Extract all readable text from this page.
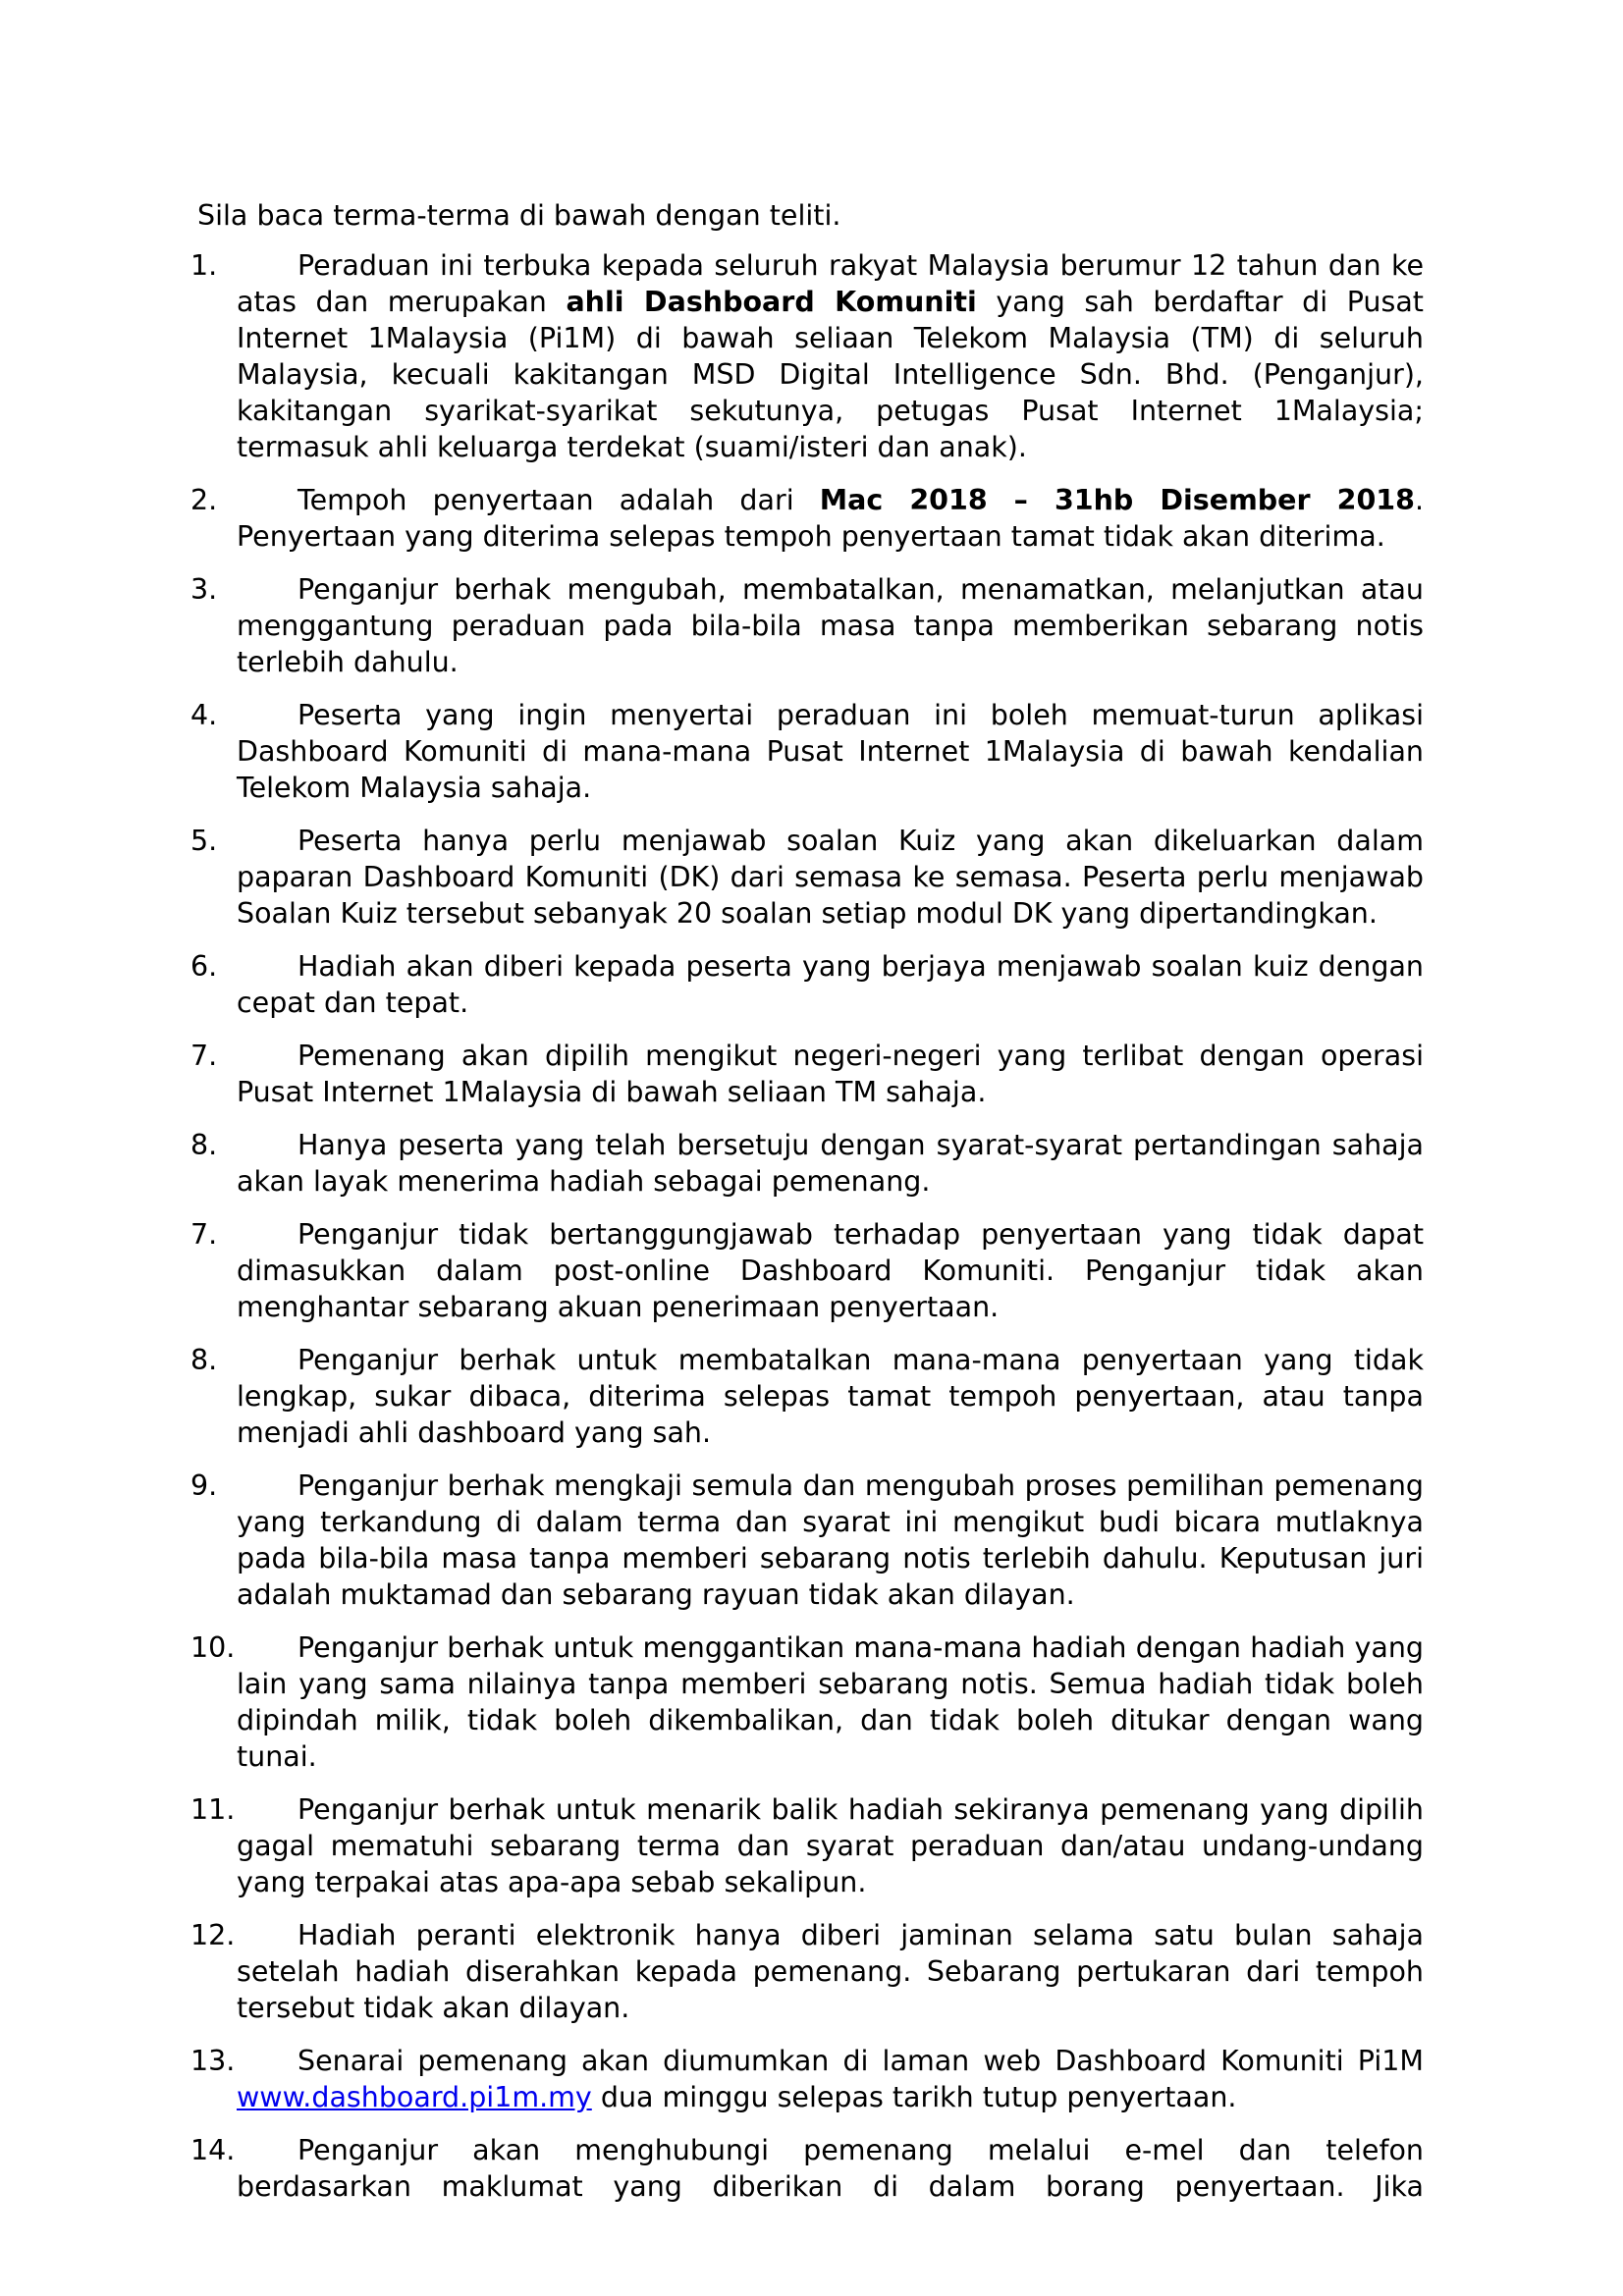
Sila baca terma-terma di bawah dengan teliti.

1.	Peraduan ini terbuka kepada seluruh rakyat Malaysia berumur 12 tahun dan ke atas dan merupakan ahli Dashboard Komuniti yang sah berdaftar di Pusat Internet 1Malaysia (Pi1M) di bawah seliaan Telekom Malaysia (TM) di seluruh Malaysia, kecuali kakitangan MSD Digital Intelligence Sdn. Bhd. (Penganjur), kakitangan syarikat-syarikat sekutunya, petugas Pusat Internet 1Malaysia; termasuk ahli keluarga terdekat (suami/isteri dan anak).

2.	Tempoh penyertaan adalah dari Mac 2018 – 31hb Disember 2018. Penyertaan yang diterima selepas tempoh penyertaan tamat tidak akan diterima.

3.	Penganjur berhak mengubah, membatalkan, menamatkan, melanjutkan atau menggantung peraduan pada bila-bila masa tanpa memberikan sebarang notis terlebih dahulu.

4.	Peserta yang ingin menyertai peraduan ini boleh memuat-turun aplikasi Dashboard Komuniti di mana-mana Pusat Internet 1Malaysia di bawah kendalian Telekom Malaysia sahaja.

5.	Peserta hanya perlu menjawab soalan Kuiz yang akan dikeluarkan dalam paparan Dashboard Komuniti (DK) dari semasa ke semasa. Peserta perlu menjawab Soalan Kuiz tersebut sebanyak 20 soalan setiap modul DK yang dipertandingkan.

6.	Hadiah akan diberi kepada peserta yang berjaya menjawab soalan kuiz dengan cepat dan tepat.

7.	Pemenang akan dipilih mengikut negeri-negeri yang terlibat dengan operasi Pusat Internet 1Malaysia di bawah seliaan TM sahaja.

8.	Hanya peserta yang telah bersetuju dengan syarat-syarat pertandingan sahaja akan layak menerima hadiah sebagai pemenang.

7.	Penganjur tidak bertanggungjawab terhadap penyertaan yang tidak dapat dimasukkan dalam post-online Dashboard Komuniti. Penganjur tidak akan menghantar sebarang akuan penerimaan penyertaan.

8.	Penganjur berhak untuk membatalkan mana-mana penyertaan yang tidak lengkap, sukar dibaca, diterima selepas tamat tempoh penyertaan, atau tanpa menjadi ahli dashboard yang sah.

9.	Penganjur berhak mengkaji semula dan mengubah proses pemilihan pemenang yang terkandung di dalam terma dan syarat ini mengikut budi bicara mutlaknya pada bila-bila masa tanpa memberi sebarang notis terlebih dahulu. Keputusan juri adalah muktamad dan sebarang rayuan tidak akan dilayan.

10.	Penganjur berhak untuk menggantikan mana-mana hadiah dengan hadiah yang lain yang sama nilainya tanpa memberi sebarang notis. Semua hadiah tidak boleh dipindah milik, tidak boleh dikembalikan, dan tidak boleh ditukar dengan wang tunai.

11.	Penganjur berhak untuk menarik balik hadiah sekiranya pemenang yang dipilih gagal mematuhi sebarang terma dan syarat peraduan dan/atau undang-undang yang terpakai atas apa-apa sebab sekalipun.

12.	Hadiah peranti elektronik hanya diberi jaminan selama satu bulan sahaja setelah hadiah diserahkan kepada pemenang. Sebarang pertukaran dari tempoh tersebut tidak akan dilayan.

13.	Senarai pemenang akan diumumkan di laman web Dashboard Komuniti Pi1M www.dashboard.pi1m.my dua minggu selepas tarikh tutup penyertaan.

14.	Penganjur akan menghubungi pemenang melalui e-mel dan telefon berdasarkan maklumat yang diberikan di dalam borang penyertaan. Jika
